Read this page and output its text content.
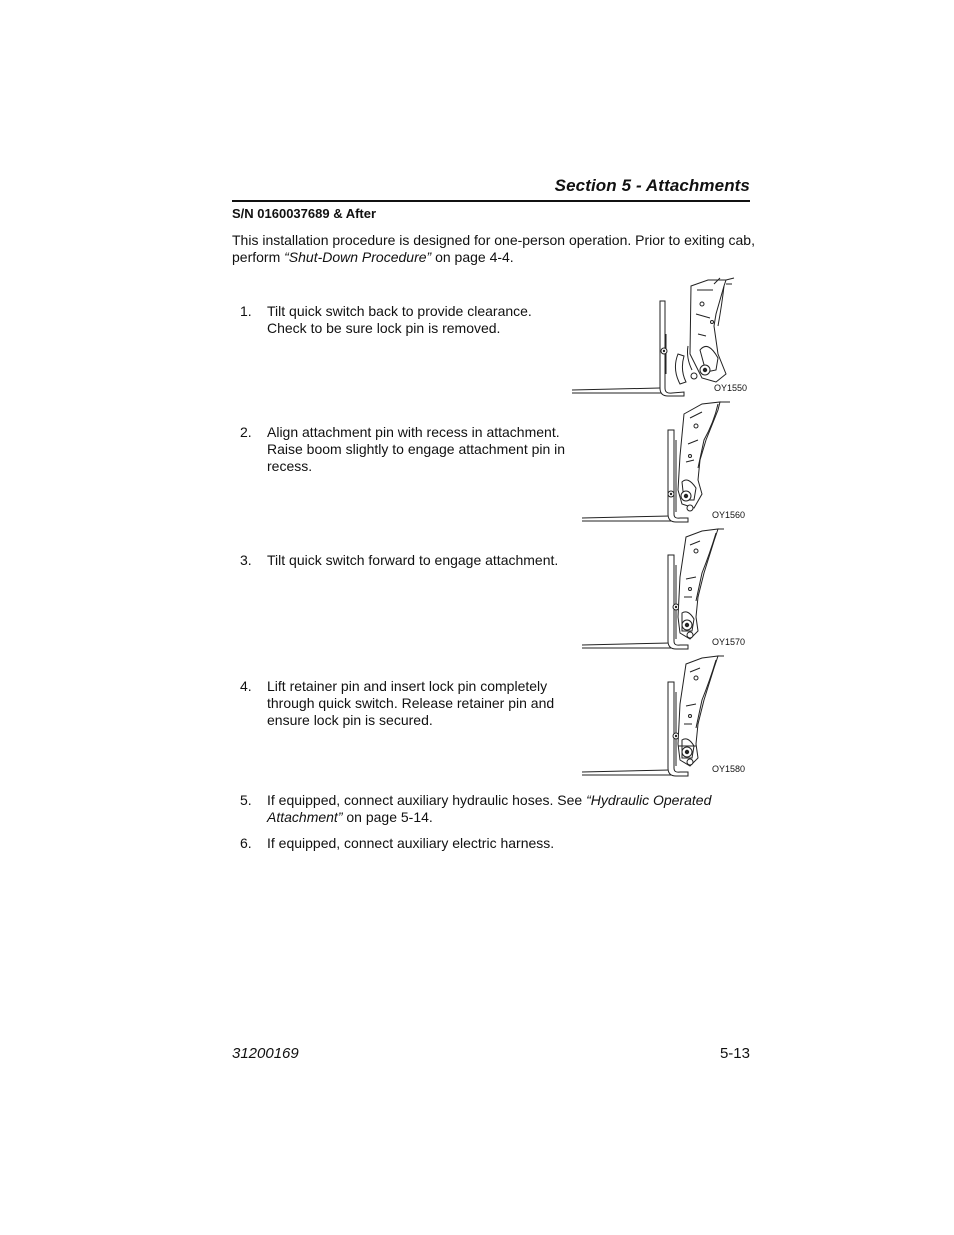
Section 5 - Attachments
S/N 0160037689 & After
This installation procedure is designed for one-person operation. Prior to exiting cab, perform “Shut-Down Procedure” on page 4-4.
1. Tilt quick switch back to provide clearance.
Check to be sure lock pin is removed.
2. Align attachment pin with recess in attachment.
Raise boom slightly to engage attachment pin in
recess.
3. Tilt quick switch forward to engage attachment.
4. Lift retainer pin and insert lock pin completely
through quick switch. Release retainer pin and
ensure lock pin is secured.
5. If equipped, connect auxiliary hydraulic hoses. See “Hydraulic Operated
Attachment” on page 5-14.
6. If equipped, connect auxiliary electric harness.
OY1550
OY1560
OY1570
OY1580
31200169	5-13
